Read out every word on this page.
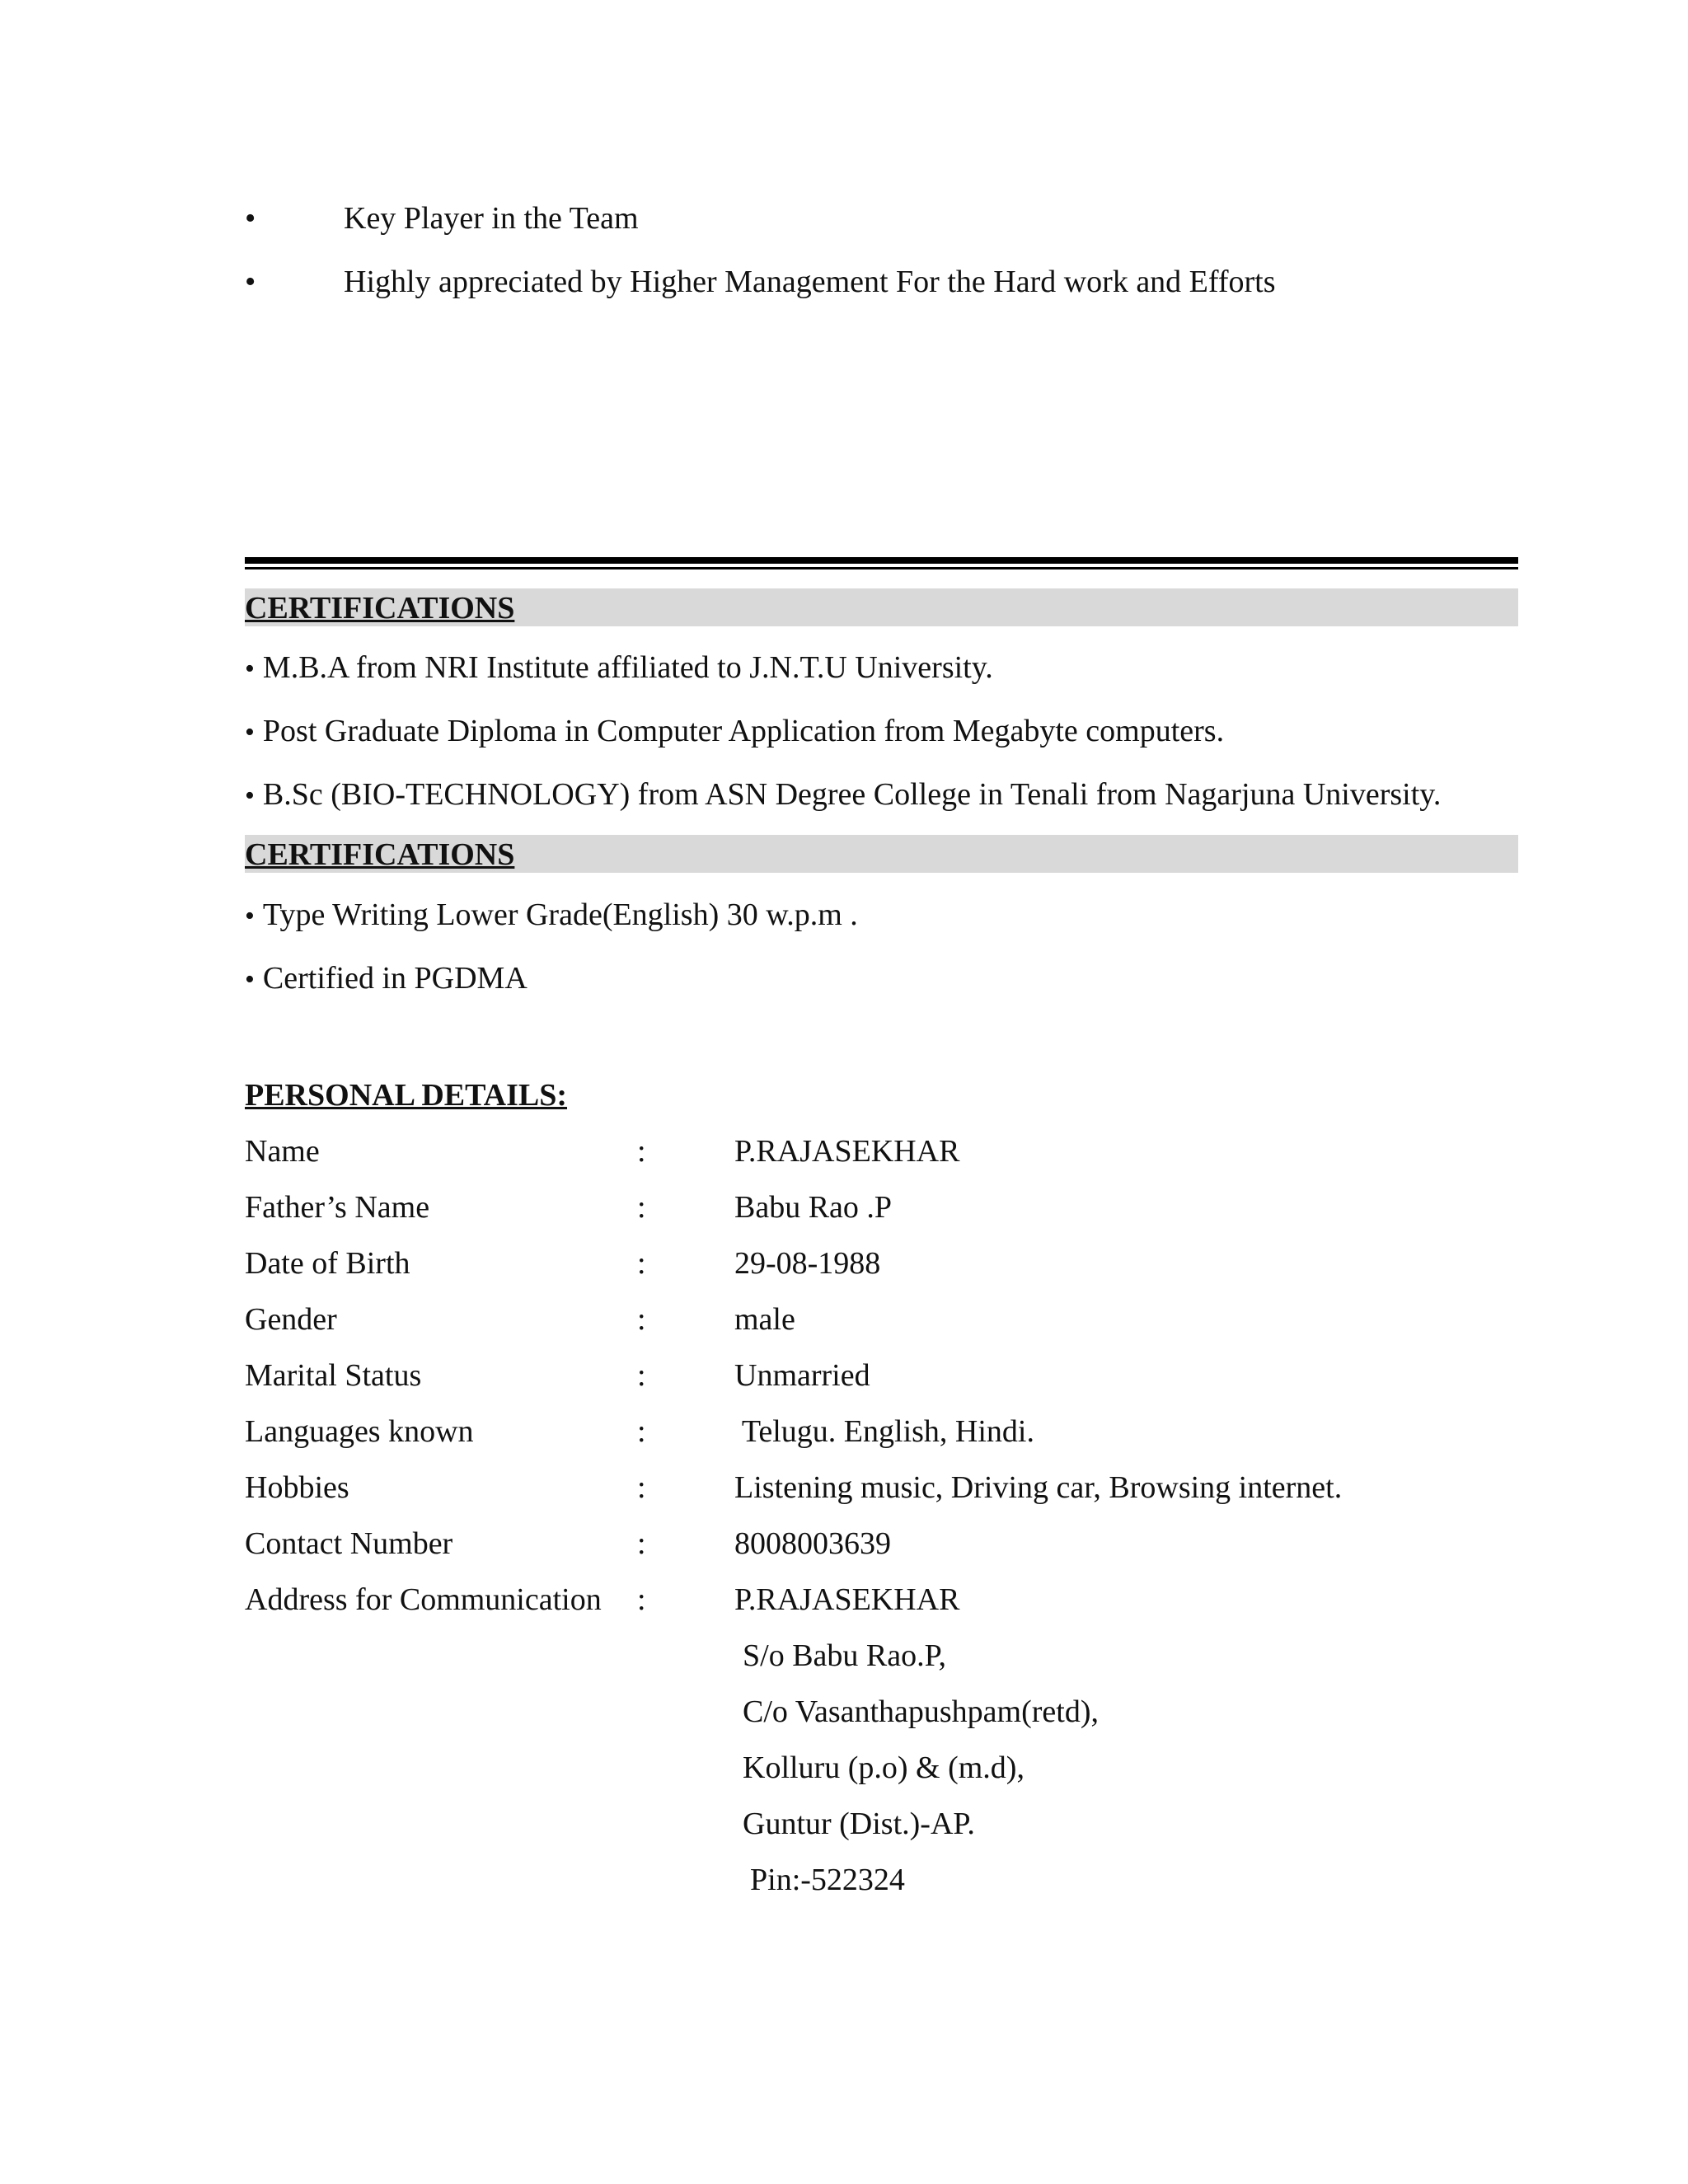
•	Key Player in the Team
•	Highly appreciated by Higher Management For the Hard work and Efforts
CERTIFICATIONS
• M.B.A from NRI Institute affiliated to J.N.T.U University.
• Post Graduate Diploma in Computer Application from Megabyte computers.
• B.Sc (BIO-TECHNOLOGY) from ASN Degree College in Tenali from Nagarjuna University.
CERTIFICATIONS
• Type Writing Lower Grade(English) 30 w.p.m .
• Certified in PGDMA
PERSONAL DETAILS:
Name	:	P.RAJASEKHAR
Father’s Name	:	Babu Rao .P
Date of Birth	:	29-08-1988
Gender	:	male
Marital Status	:	Unmarried
Languages known	:	Telugu. English, Hindi.
Hobbies	:	Listening music, Driving car, Browsing internet.
Contact Number	:	8008003639
Address for Communication :	P.RAJASEKHAR
S/o Babu Rao.P,
C/o Vasanthapushpam(retd),
Kolluru (p.o) & (m.d),
Guntur (Dist.)-AP.
Pin:-522324
